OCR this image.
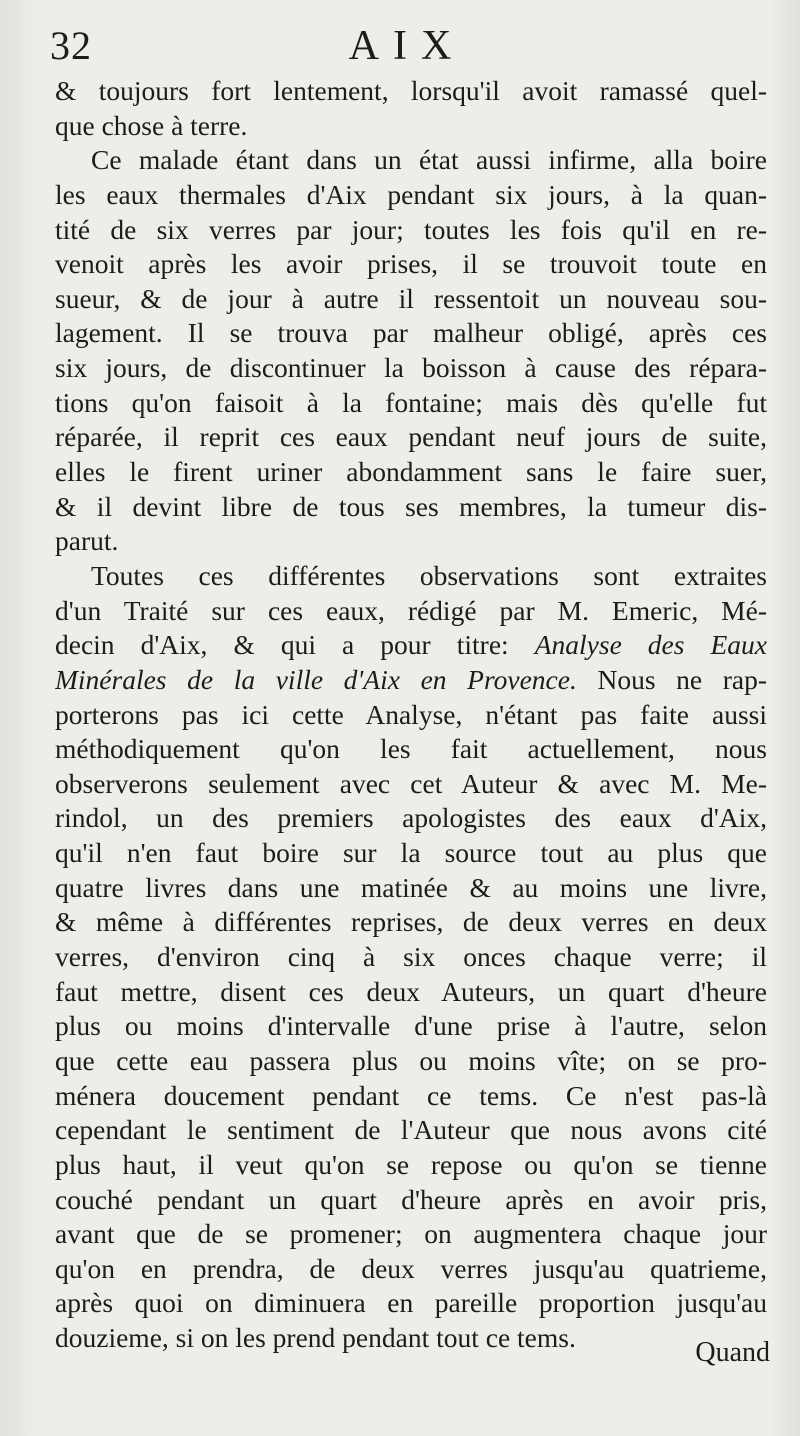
32	AIX
& toujours fort lentement, lorsqu'il avoit ramassé quel-
que chose à terre.
Ce malade étant dans un état aussi infirme, alla boire
les eaux thermales d'Aix pendant six jours, à la quan-
tité de six verres par jour; toutes les fois qu'il en re-
venoit après les avoir prises, il se trouvoit toute en
sueur, & de jour à autre il ressentoit un nouveau sou-
lagement. Il se trouva par malheur obligé, après ces
six jours, de discontinuer la boisson à cause des répara-
tions qu'on faisoit à la fontaine; mais dès qu'elle fut
réparée, il reprit ces eaux pendant neuf jours de suite,
elles le firent uriner abondamment sans le faire suer,
& il devint libre de tous ses membres, la tumeur dis-
parut.
Toutes ces différentes observations sont extraites
d'un Traité sur ces eaux, rédigé par M. Emeric, Mé-
decin d'Aix, & qui a pour titre: Analyse des Eaux
Minérales de la ville d'Aix en Provence. Nous ne rap-
porterons pas ici cette Analyse, n'étant pas faite aussi
méthodiquement qu'on les fait actuellement, nous
observerons seulement avec cet Auteur & avec M. Me-
rindol, un des premiers apologistes des eaux d'Aix,
qu'il n'en faut boire sur la source tout au plus que
quatre livres dans une matinée & au moins une livre,
& même à différentes reprises, de deux verres en deux
verres, d'environ cinq à six onces chaque verre; il
faut mettre, disent ces deux Auteurs, un quart d'heure
plus ou moins d'intervalle d'une prise à l'autre, selon
que cette eau passera plus ou moins vîte; on se pro-
ménera doucement pendant ce tems. Ce n'est pas-là
cependant le sentiment de l'Auteur que nous avons cité
plus haut, il veut qu'on se repose ou qu'on se tienne
couché pendant un quart d'heure après en avoir pris,
avant que de se promener; on augmentera chaque jour
qu'on en prendra, de deux verres jusqu'au quatrieme,
après quoi on diminuera en pareille proportion jusqu'au
douzieme, si on les prend pendant tout ce tems.	Quand
